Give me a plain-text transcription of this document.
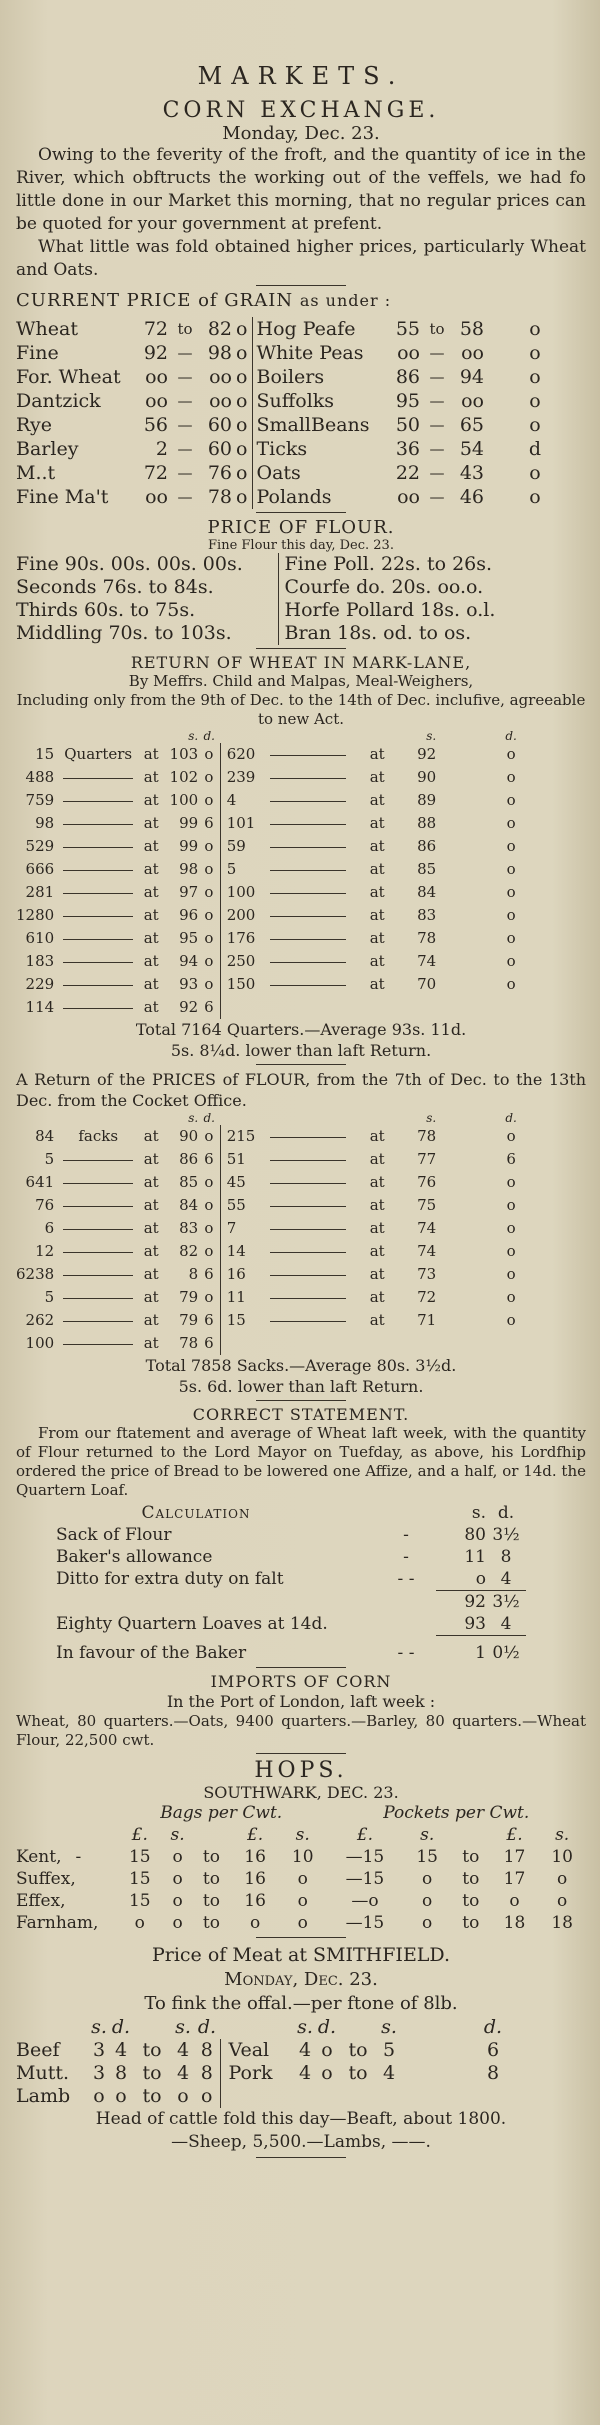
MARKETS.
CORN EXCHANGE.
Monday, Dec. 23.

Owing to the feverity of the froft, and the quantity of ice in the River, which obftructs the working out of the veffels, we had fo little done in our Market this morning, that no regular prices can be quoted for your government at prefent.

What little was fold obtained higher prices, particularly Wheat and Oats.

CURRENT PRICE of GRAIN as under :
Wheat	72	to	82	o	Hog Peafe	55	to	58	o
Fine	92	—	98	o	White Peas	oo	—	oo	o
For. Wheat	oo	—	oo	o	Boilers	86	—	94	o
Dantzick	oo	—	oo	o	Suffolks	95	—	oo	o
Rye	56	—	60	o	SmallBeans	50	—	65	o
Barley	2	—	60	o	Ticks	36	—	54	d
M..t	72	—	76	o	Oats	22	—	43	o
Fine Ma't	oo	—	78	o	Polands	oo	—	46	o
PRICE OF FLOUR.
Fine Flour this day, Dec. 23.
Fine 90s. 00s. 00s. 00s.	Fine Poll. 22s. to 26s.
Seconds 76s. to 84s.	Courfe do. 20s. oo.o.
Thirds 60s. to 75s.	Horfe Pollard 18s. o.l.
Middling 70s. to 103s.	Bran 18s. od. to os.
RETURN OF WHEAT IN MARK-LANE,
By Meffrs. Child and Malpas, Meal-Weighers,
Including only from the 9th of Dec. to the 14th of Dec. inclufive, agreeable to new Act.
			s.	d.				s.	d.
15	Quarters	at	103	o	620		at	92	o
488		at	102	o	239		at	90	o
759		at	100	o	4		at	89	o
98		at	99	6	101		at	88	o
529		at	99	o	59		at	86	o
666		at	98	o	5		at	85	o
281		at	97	o	100		at	84	o
1280		at	96	o	200		at	83	o
610		at	95	o	176		at	78	o
183		at	94	o	250		at	74	o
229		at	93	o	150		at	70	o
114		at	92	6					
Total 7164 Quarters.—Average 93s. 11d.
5s. 8¼d. lower than laft Return.
A Return of the PRICES of FLOUR, from the 7th of Dec. to the 13th Dec. from the Cocket Office.
			s.	d.				s.	d.
84	facks	at	90	o	215		at	78	o
5		at	86	6	51		at	77	6
641		at	85	o	45		at	76	o
76		at	84	o	55		at	75	o
6		at	83	o	7		at	74	o
12		at	82	o	14		at	74	o
6238		at	8	6	16		at	73	o
5		at	79	o	11		at	72	o
262		at	79	6	15		at	71	o
100		at	78	6					
Total 7858 Sacks.—Average 80s. 3½d.
5s. 6d. lower than laft Return.
CORRECT STATEMENT.

From our ftatement and average of Wheat laft week, with the quantity of Flour returned to the Lord Mayor on Tuefday, as above, his Lordfhip ordered the price of Bread to be lowered one Affize, and a half, or 14d. the Quartern Loaf.

Calculation		s.	d.	
Sack of Flour	-	80	3½	
Baker's allowance	-	11	8	
Ditto for extra duty on falt	- -	o	4	
		92	3½	
Eighty Quartern Loaves at 14d.		93	4	
In favour of the Baker	- -	1	0½	
IMPORTS OF CORN
In the Port of London, laft week :
Wheat, 80 quarters.—Oats, 9400 quarters.—Barley, 80 quarters.—Wheat Flour, 22,500 cwt.
HOPS.
SOUTHWARK, DEC. 23.
	Bags per Cwt.					Pockets per Cwt.				
	£.	s.		£.	s.	£.	s.		£.	s.
Kent, -	15	o	to	16	10	—15	15	to	17	10
Suffex,	15	o	to	16	o	—15	o	to	17	o
Effex,	15	o	to	16	o	—o	o	to	o	o
Farnham,	o	o	to	o	o	—15	o	to	18	18
Price of Meat at SMITHFIELD.
Monday, Dec. 23.
To fink the offal.—per ftone of 8lb.
	s.	d.		s.	d.		s.	d.		s.	d.
Beef	3	4	to	4	8	Veal	4	o	to	5	6
Mutt.	3	8	to	4	8	Pork	4	o	to	4	8
Lamb	o	o	to	o	o						
Head of cattle fold this day—Beaft, about 1800.
—Sheep, 5,500.—Lambs, ——.
